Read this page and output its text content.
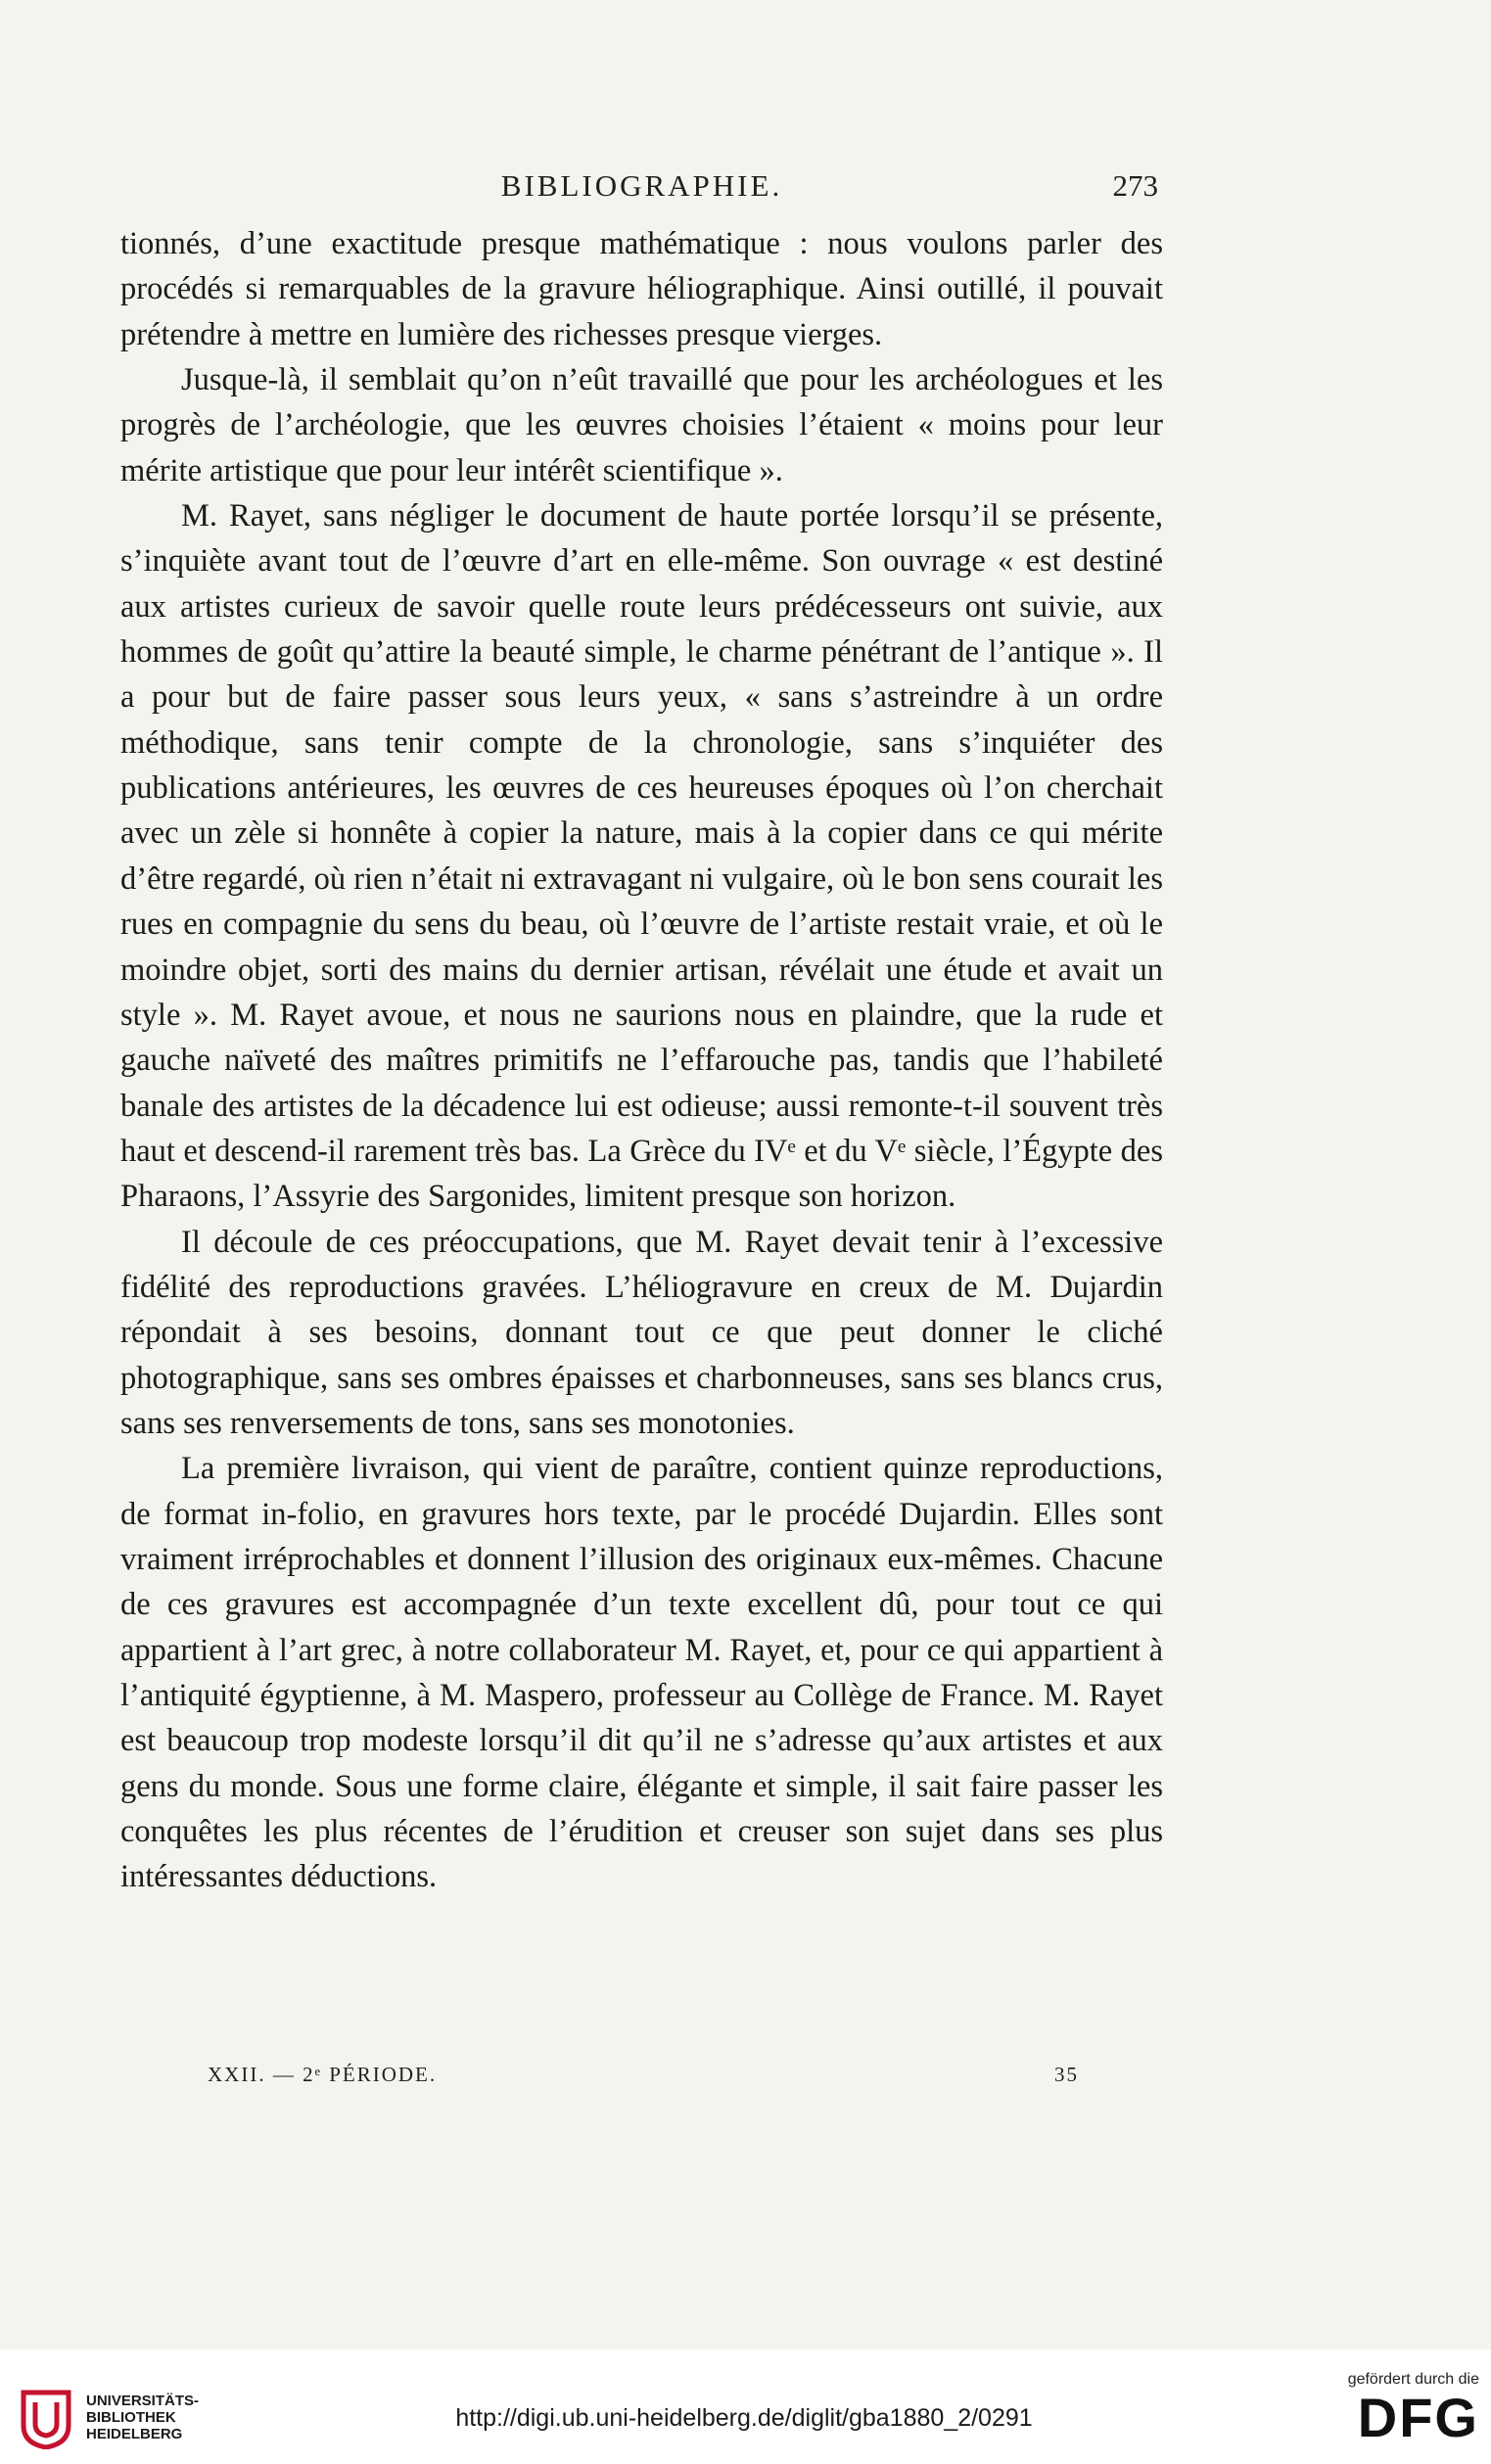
BIBLIOGRAPHIE.	273

tionnés, d’une exactitude presque mathématique : nous voulons parler des procédés si remarquables de la gravure héliographique. Ainsi outillé, il pouvait prétendre à mettre en lumière des richesses presque vierges.

Jusque-là, il semblait qu’on n’eût travaillé que pour les archéologues et les progrès de l’archéologie, que les œuvres choisies l’étaient « moins pour leur mérite artistique que pour leur intérêt scientifique ».

M. Rayet, sans négliger le document de haute portée lorsqu’il se présente, s’inquiète avant tout de l’œuvre d’art en elle-même. Son ouvrage « est destiné aux artistes curieux de savoir quelle route leurs prédécesseurs ont suivie, aux hommes de goût qu’attire la beauté simple, le charme pénétrant de l’antique ». Il a pour but de faire passer sous leurs yeux, « sans s’astreindre à un ordre méthodique, sans tenir compte de la chronologie, sans s’inquiéter des publications antérieures, les œuvres de ces heureuses époques où l’on cherchait avec un zèle si honnête à copier la nature, mais à la copier dans ce qui mérite d’être regardé, où rien n’était ni extravagant ni vulgaire, où le bon sens courait les rues en compagnie du sens du beau, où l’œuvre de l’artiste restait vraie, et où le moindre objet, sorti des mains du dernier artisan, révélait une étude et avait un style ». M. Rayet avoue, et nous ne saurions nous en plaindre, que la rude et gauche naïveté des maîtres primitifs ne l’effarouche pas, tandis que l’habileté banale des artistes de la décadence lui est odieuse; aussi remonte-t-il souvent très haut et descend-il rarement très bas. La Grèce du IVᵉ et du Vᵉ siècle, l’Égypte des Pharaons, l’Assyrie des Sargonides, limitent presque son horizon.

Il découle de ces préoccupations, que M. Rayet devait tenir à l’excessive fidélité des reproductions gravées. L’héliogravure en creux de M. Dujardin répondait à ses besoins, donnant tout ce que peut donner le cliché photographique, sans ses ombres épaisses et charbonneuses, sans ses blancs crus, sans ses renversements de tons, sans ses monotonies.

La première livraison, qui vient de paraître, contient quinze reproductions, de format in-folio, en gravures hors texte, par le procédé Dujardin. Elles sont vraiment irréprochables et donnent l’illusion des originaux eux-mêmes. Chacune de ces gravures est accompagnée d’un texte excellent dû, pour tout ce qui appartient à l’art grec, à notre collaborateur M. Rayet, et, pour ce qui appartient à l’antiquité égyptienne, à M. Maspero, professeur au Collège de France. M. Rayet est beaucoup trop modeste lorsqu’il dit qu’il ne s’adresse qu’aux artistes et aux gens du monde. Sous une forme claire, élégante et simple, il sait faire passer les conquêtes les plus récentes de l’érudition et creuser son sujet dans ses plus intéressantes déductions.

XXII. — 2ᵉ PÉRIODE.	35
UNIVERSITÄTS-
BIBLIOTHEK
HEIDELBERG
http://digi.ub.uni-heidelberg.de/diglit/gba1880_2/0291
gefördert durch die
DFG
